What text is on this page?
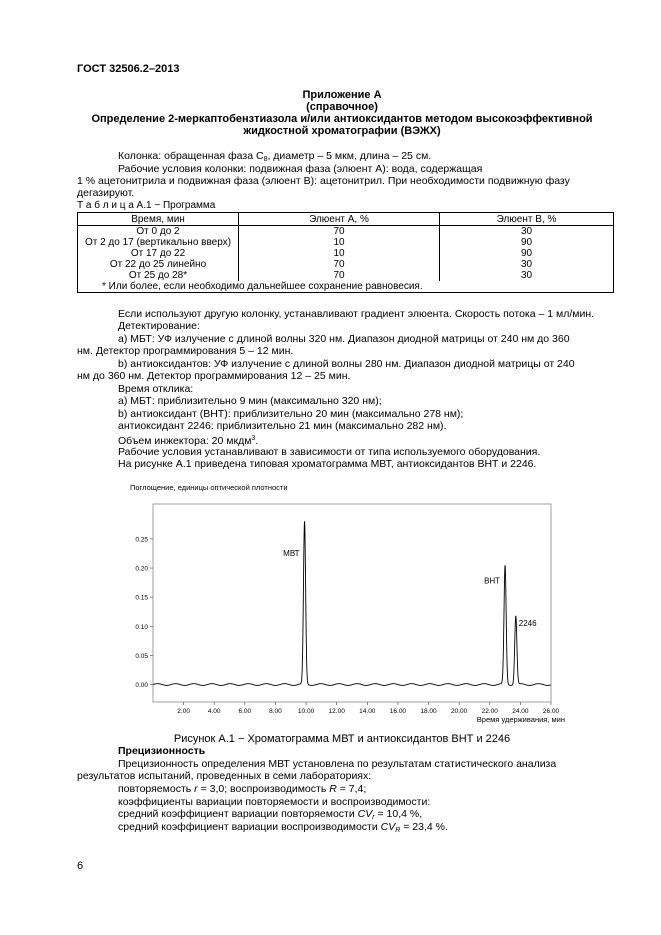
ГОСТ 32506.2–2013
Приложение А
(справочное)
Определение 2-меркаптобензтиазола и/или антиоксидантов методом высокоэффективной
жидкостной хроматографии (ВЭЖХ)
Колонка: обращенная фаза $С_8$, диаметр – 5 мкм, длина – 25 см.
Рабочие условия колонки: подвижная фаза (элюент А): вода, содержащая
1 % ацетонитрила и подвижная фаза (элюент В): ацетонитрил. При необходимости подвижную фазу
дегазируют.
Т а б л и ц а А.1 − Программа
Время, мин	Элюент А, %	Элюент В, %
От 0 до 2	70	30
От 2 до 17 (вертикально вверх)	10	90
От 17 до 22	10	90
От 22 до 25 линейно	70	30
От 25 до 28*	70	30
* Или более, если необходимо дальнейшее сохранение равновесия.		
Если используют другую колонку, устанавливают градиент элюента. Скорость потока – 1 мл/мин.
Детектирование:
а) МБТ: УФ излучение с длиной волны 320 нм. Диапазон диодной матрицы от 240 нм до 360
нм. Детектор программирования 5 – 12 мин.
b) антиоксидантов: УФ излучение с длиной волны 280 нм. Диапазон диодной матрицы от 240
нм до 360 нм. Детектор программирования 12 – 25 мин.
Время отклика:
а) МБТ: приблизительно 9 мин (максимально 320 нм);
b) антиоксидант (ВНТ): приблизительно 20 мин (максимально 278 нм);
антиоксидант 2246: приблизительно 21 мин (максимально 282 нм).
Объем инжектора: 20 мкдм$^3$.
Рабочие условия устанавливают в зависимости от типа используемого оборудования.
На рисунке А.1 приведена типовая хроматограмма МВТ, антиоксидантов ВНТ и 2246.
Поглощение, единицы оптической плотности
0.00
0.05
0.10
0.15
0.20
0.25
2.00	4.00	6.00	8.00 10.00 12.00 14.00 16.00 18.00 20.00 22.00 24.00 26.00
МВТ
ВНТ
2246
Время удерживания, мин
Рисунок А.1 − Хроматограмма МВТ и антиоксидантов ВНТ и 2246
Прецизионность
Прецизионность определения МВТ установлена по результатам статистического анализа
результатов испытаний, проведенных в семи лабораториях:
повторяемость r = 3,0; воспроизводимость R = 7,4;
коэффициенты вариации повторяемости и воспроизводимости:
средний коэффициент вариации повторяемости $CV_r = 10,4$ %,
средний коэффициент вариации воспроизводимости $CV_R = 23,4$ %.
6
